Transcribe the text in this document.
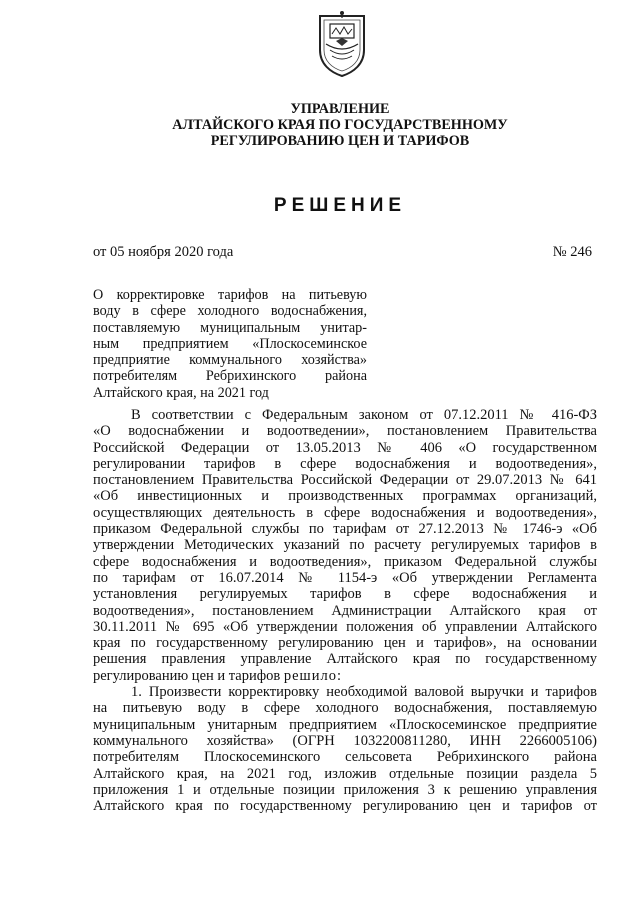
УПРАВЛЕНИЕ
АЛТАЙСКОГО КРАЯ ПО ГОСУДАРСТВЕННОМУ
РЕГУЛИРОВАНИЮ ЦЕН И ТАРИФОВ
РЕШЕНИЕ
от 05 ноября 2020 года	№ 246
О корректировке тарифов на питьевую
воду в сфере холодного водоснабжения,
поставляемую муниципальным унитар-
ным предприятием «Плоскосеминское
предприятие коммунального хозяйства»
потребителям Ребрихинского района
Алтайского края, на 2021 год
В соответствии с Федеральным законом от 07.12.2011 № 416-ФЗ
«О водоснабжении и водоотведении», постановлением Правительства
Российской Федерации от 13.05.2013 № 406 «О государственном
регулировании тарифов в сфере водоснабжения и водоотведения»,
постановлением Правительства Российской Федерации от 29.07.2013 № 641
«Об инвестиционных и производственных программах организаций,
осуществляющих деятельность в сфере водоснабжения и водоотведения»,
приказом Федеральной службы по тарифам от 27.12.2013 № 1746-э «Об
утверждении Методических указаний по расчету регулируемых тарифов в
сфере водоснабжения и водоотведения», приказом Федеральной службы
по тарифам от 16.07.2014 № 1154-э «Об утверждении Регламента
установления регулируемых тарифов в сфере водоснабжения и
водоотведения», постановлением Администрации Алтайского края от
30.11.2011 № 695 «Об утверждении положения об управлении Алтайского
края по государственному регулированию цен и тарифов», на основании
решения правления управление Алтайского края по государственному
регулированию цен и тарифов решило:
1. Произвести корректировку необходимой валовой выручки и тарифов
на питьевую воду в сфере холодного водоснабжения, поставляемую
муниципальным унитарным предприятием «Плоскосеминское предприятие
коммунального хозяйства» (ОГРН 1032200811280, ИНН 2266005106)
потребителям Плоскосеминского сельсовета Ребрихинского района
Алтайского края, на 2021 год, изложив отдельные позиции раздела 5
приложения 1 и отдельные позиции приложения 3 к решению управления
Алтайского края по государственному регулированию цен и тарифов от
